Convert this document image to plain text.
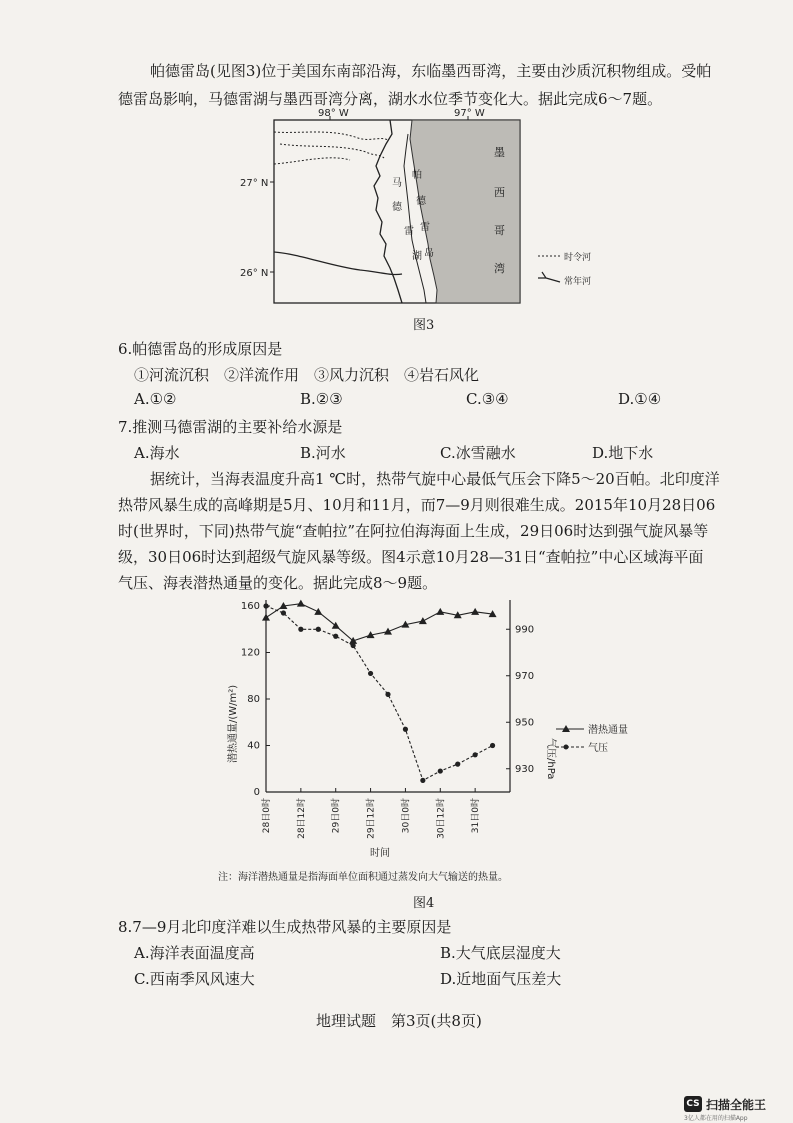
帕德雷岛(见图3)位于美国东南部沿海，东临墨西哥湾，主要由沙质沉积物组成。受帕
德雷岛影响，马德雷湖与墨西哥湾分离，湖水水位季节变化大。据此完成6～7题。
98° W	97° W
27° N
26° N
墨
西
哥
湾
马
德
雷
湖
帕
德
雷
岛	时令河
常年河
图3
6.帕德雷岛的形成原因是
①河流沉积　②洋流作用　③风力沉积　④岩石风化
A.①②	B.②③	C.③④	D.①④
7.推测马德雷湖的主要补给水源是
A.海水	B.河水	C.冰雪融水	D.地下水
据统计，当海表温度升高1 ℃时，热带气旋中心最低气压会下降5～20百帕。北印度洋
热带风暴生成的高峰期是5月、10月和11月，而7—9月则很难生成。2015年10月28日06
时(世界时，下同)热带气旋“查帕拉”在阿拉伯海海面上生成，29日06时达到强气旋风暴等
级，30日06时达到超级气旋风暴等级。图4示意10月28—31日“查帕拉”中心区域海平面
气压、海表潜热通量的变化。据此完成8～9题。
0
40
80
120
160
930
950
970
990
28日0时	28日12时	29日0时	29日12时	30日0时	30日12时	31日0时
潜热通量/(W/m²)	气压/hPa
时间
潜热通量
气压
注：海洋潜热通量是指海面单位面积通过蒸发向大气输送的热量。
图4
8.7—9月北印度洋难以生成热带风暴的主要原因是
A.海洋表面温度高	B.大气底层湿度大
C.西南季风风速大	D.近地面气压差大
地理试题　第3页(共8页)
CS 扫描全能王
3亿人都在用的扫描App
